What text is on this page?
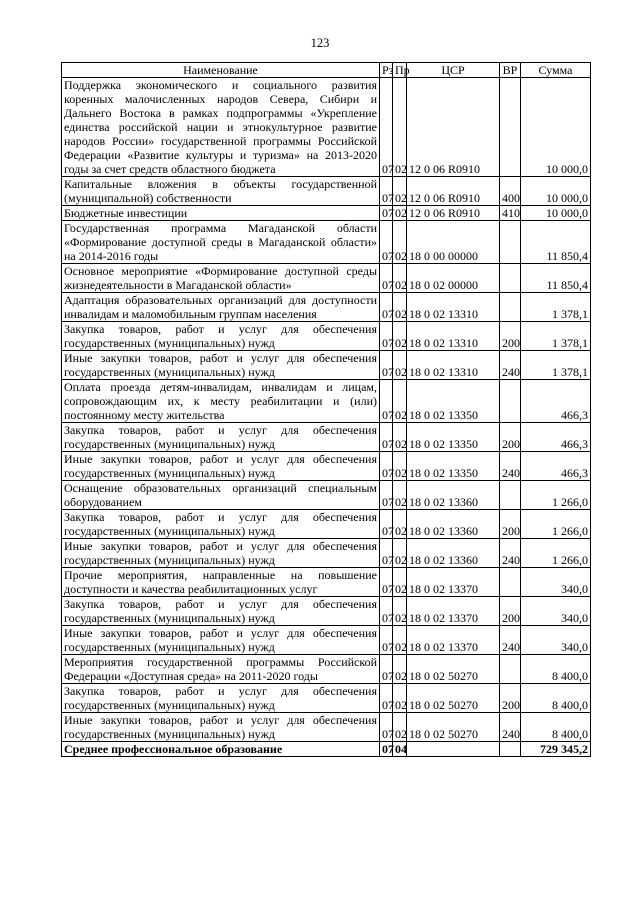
123
Наименование	Рз	Пр	ЦСР	ВР	Сумма
Поддержка экономического и социального развития коренных малочисленных народов Севера, Сибири и Дальнего Востока в рамках подпрограммы «Укрепление единства российской нации и этнокультурное развитие народов России» государственной программы Российской Федерации «Развитие культуры и туризма» на 2013-2020 годы за счет средств областного бюджета	07	02	12 0 06 R0910		10 000,0
Капитальные вложения в объекты государственной (муниципальной) собственности	07	02	12 0 06 R0910	400	10 000,0
Бюджетные инвестиции	07	02	12 0 06 R0910	410	10 000,0
Государственная программа Магаданской области «Формирование доступной среды в Магаданской области» на 2014-2016 годы	07	02	18 0 00 00000		11 850,4
Основное мероприятие «Формирование доступной среды жизнедеятельности в Магаданской области»	07	02	18 0 02 00000		11 850,4
Адаптация образовательных организаций для доступности инвалидам и маломобильным группам населения	07	02	18 0 02 13310		1 378,1
Закупка товаров, работ и услуг для обеспечения государственных (муниципальных) нужд	07	02	18 0 02 13310	200	1 378,1
Иные закупки товаров, работ и услуг для обеспечения государственных (муниципальных) нужд	07	02	18 0 02 13310	240	1 378,1
Оплата проезда детям-инвалидам, инвалидам и лицам, сопровождающим их, к месту реабилитации и (или) постоянному месту жительства	07	02	18 0 02 13350		466,3
Закупка товаров, работ и услуг для обеспечения государственных (муниципальных) нужд	07	02	18 0 02 13350	200	466,3
Иные закупки товаров, работ и услуг для обеспечения государственных (муниципальных) нужд	07	02	18 0 02 13350	240	466,3
Оснащение образовательных организаций специальным оборудованием	07	02	18 0 02 13360		1 266,0
Закупка товаров, работ и услуг для обеспечения государственных (муниципальных) нужд	07	02	18 0 02 13360	200	1 266,0
Иные закупки товаров, работ и услуг для обеспечения государственных (муниципальных) нужд	07	02	18 0 02 13360	240	1 266,0
Прочие мероприятия, направленные на повышение доступности и качества реабилитационных услуг	07	02	18 0 02 13370		340,0
Закупка товаров, работ и услуг для обеспечения государственных (муниципальных) нужд	07	02	18 0 02 13370	200	340,0
Иные закупки товаров, работ и услуг для обеспечения государственных (муниципальных) нужд	07	02	18 0 02 13370	240	340,0
Мероприятия государственной программы Российской Федерации «Доступная среда» на 2011-2020 годы	07	02	18 0 02 50270		8 400,0
Закупка товаров, работ и услуг для обеспечения государственных (муниципальных) нужд	07	02	18 0 02 50270	200	8 400,0
Иные закупки товаров, работ и услуг для обеспечения государственных (муниципальных) нужд	07	02	18 0 02 50270	240	8 400,0
Среднее профессиональное образование	07	04			729 345,2
